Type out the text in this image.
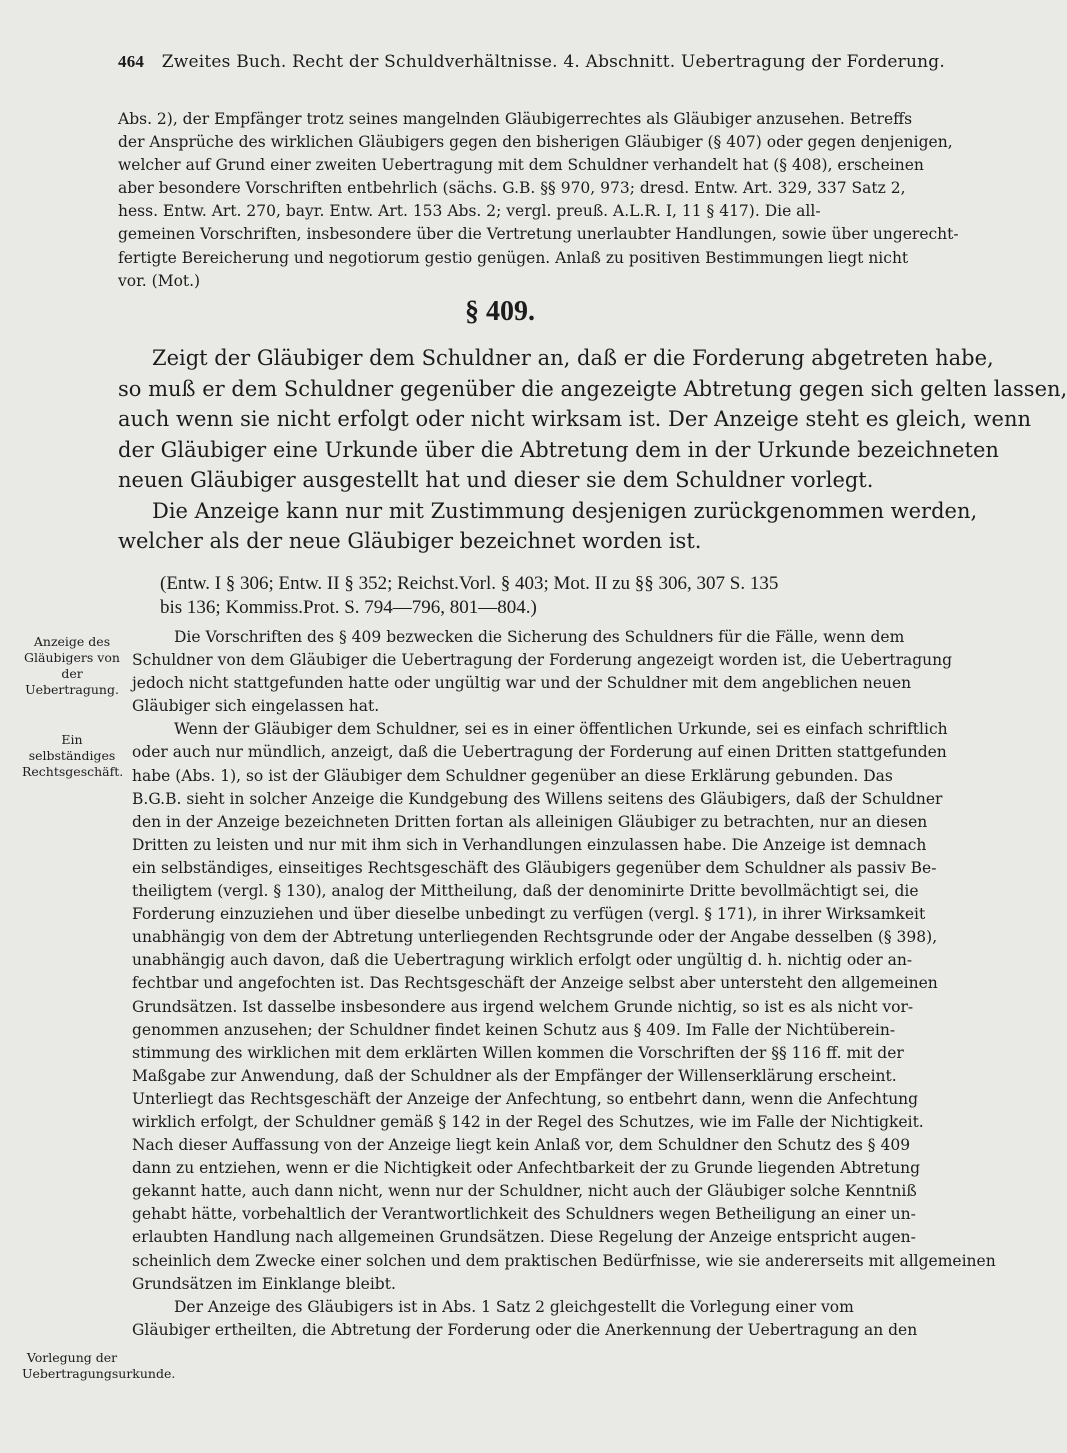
464 Zweites Buch. Recht der Schuldverhältnisse. 4. Abschnitt. Uebertragung der Forderung.
Abs. 2), der Empfänger trotz seines mangelnden Gläubigerrechtes als Gläubiger anzusehen. Betreffs
der Ansprüche des wirklichen Gläubigers gegen den bisherigen Gläubiger (§ 407) oder gegen denjenigen,
welcher auf Grund einer zweiten Uebertragung mit dem Schuldner verhandelt hat (§ 408), erscheinen
aber besondere Vorschriften entbehrlich (sächs. G.B. §§ 970, 973; dresd. Entw. Art. 329, 337 Satz 2,
hess. Entw. Art. 270, bayr. Entw. Art. 153 Abs. 2; vergl. preuß. A.L.R. I, 11 § 417). Die all-
gemeinen Vorschriften, insbesondere über die Vertretung unerlaubter Handlungen, sowie über ungerecht-
fertigte Bereicherung und negotiorum gestio genügen. Anlaß zu positiven Bestimmungen liegt nicht
vor. (Mot.)
§ 409.
Zeigt der Gläubiger dem Schuldner an, daß er die Forderung abgetreten habe,
so muß er dem Schuldner gegenüber die angezeigte Abtretung gegen sich gelten lassen,
auch wenn sie nicht erfolgt oder nicht wirksam ist. Der Anzeige steht es gleich, wenn
der Gläubiger eine Urkunde über die Abtretung dem in der Urkunde bezeichneten
neuen Gläubiger ausgestellt hat und dieser sie dem Schuldner vorlegt.
Die Anzeige kann nur mit Zustimmung desjenigen zurückgenommen werden,
welcher als der neue Gläubiger bezeichnet worden ist.
(Entw. I § 306; Entw. II § 352; Reichst.Vorl. § 403; Mot. II zu §§ 306, 307 S. 135
bis 136; Kommiss.Prot. S. 794—796, 801—804.)
Anzeige des Gläubigers von der Uebertragung.
Ein selbständiges Rechtsgeschäft.
Vorlegung der Uebertragungsurkunde.
Die Vorschriften des § 409 bezwecken die Sicherung des Schuldners für die Fälle, wenn dem
Schuldner von dem Gläubiger die Uebertragung der Forderung angezeigt worden ist, die Uebertragung
jedoch nicht stattgefunden hatte oder ungültig war und der Schuldner mit dem angeblichen neuen
Gläubiger sich eingelassen hat.
Wenn der Gläubiger dem Schuldner, sei es in einer öffentlichen Urkunde, sei es einfach schriftlich
oder auch nur mündlich, anzeigt, daß die Uebertragung der Forderung auf einen Dritten stattgefunden
habe (Abs. 1), so ist der Gläubiger dem Schuldner gegenüber an diese Erklärung gebunden. Das
B.G.B. sieht in solcher Anzeige die Kundgebung des Willens seitens des Gläubigers, daß der Schuldner
den in der Anzeige bezeichneten Dritten fortan als alleinigen Gläubiger zu betrachten, nur an diesen
Dritten zu leisten und nur mit ihm sich in Verhandlungen einzulassen habe. Die Anzeige ist demnach
ein selbständiges, einseitiges Rechtsgeschäft des Gläubigers gegenüber dem Schuldner als passiv Be-
theiligtem (vergl. § 130), analog der Mittheilung, daß der denominirte Dritte bevollmächtigt sei, die
Forderung einzuziehen und über dieselbe unbedingt zu verfügen (vergl. § 171), in ihrer Wirksamkeit
unabhängig von dem der Abtretung unterliegenden Rechtsgrunde oder der Angabe desselben (§ 398),
unabhängig auch davon, daß die Uebertragung wirklich erfolgt oder ungültig d. h. nichtig oder an-
fechtbar und angefochten ist. Das Rechtsgeschäft der Anzeige selbst aber untersteht den allgemeinen
Grundsätzen. Ist dasselbe insbesondere aus irgend welchem Grunde nichtig, so ist es als nicht vor-
genommen anzusehen; der Schuldner findet keinen Schutz aus § 409. Im Falle der Nichtüberein-
stimmung des wirklichen mit dem erklärten Willen kommen die Vorschriften der §§ 116 ff. mit der
Maßgabe zur Anwendung, daß der Schuldner als der Empfänger der Willenserklärung erscheint.
Unterliegt das Rechtsgeschäft der Anzeige der Anfechtung, so entbehrt dann, wenn die Anfechtung
wirklich erfolgt, der Schuldner gemäß § 142 in der Regel des Schutzes, wie im Falle der Nichtigkeit.
Nach dieser Auffassung von der Anzeige liegt kein Anlaß vor, dem Schuldner den Schutz des § 409
dann zu entziehen, wenn er die Nichtigkeit oder Anfechtbarkeit der zu Grunde liegenden Abtretung
gekannt hatte, auch dann nicht, wenn nur der Schuldner, nicht auch der Gläubiger solche Kenntniß
gehabt hätte, vorbehaltlich der Verantwortlichkeit des Schuldners wegen Betheiligung an einer un-
erlaubten Handlung nach allgemeinen Grundsätzen. Diese Regelung der Anzeige entspricht augen-
scheinlich dem Zwecke einer solchen und dem praktischen Bedürfnisse, wie sie andererseits mit allgemeinen
Grundsätzen im Einklange bleibt.
Der Anzeige des Gläubigers ist in Abs. 1 Satz 2 gleichgestellt die Vorlegung einer vom
Gläubiger ertheilten, die Abtretung der Forderung oder die Anerkennung der Uebertragung an den
